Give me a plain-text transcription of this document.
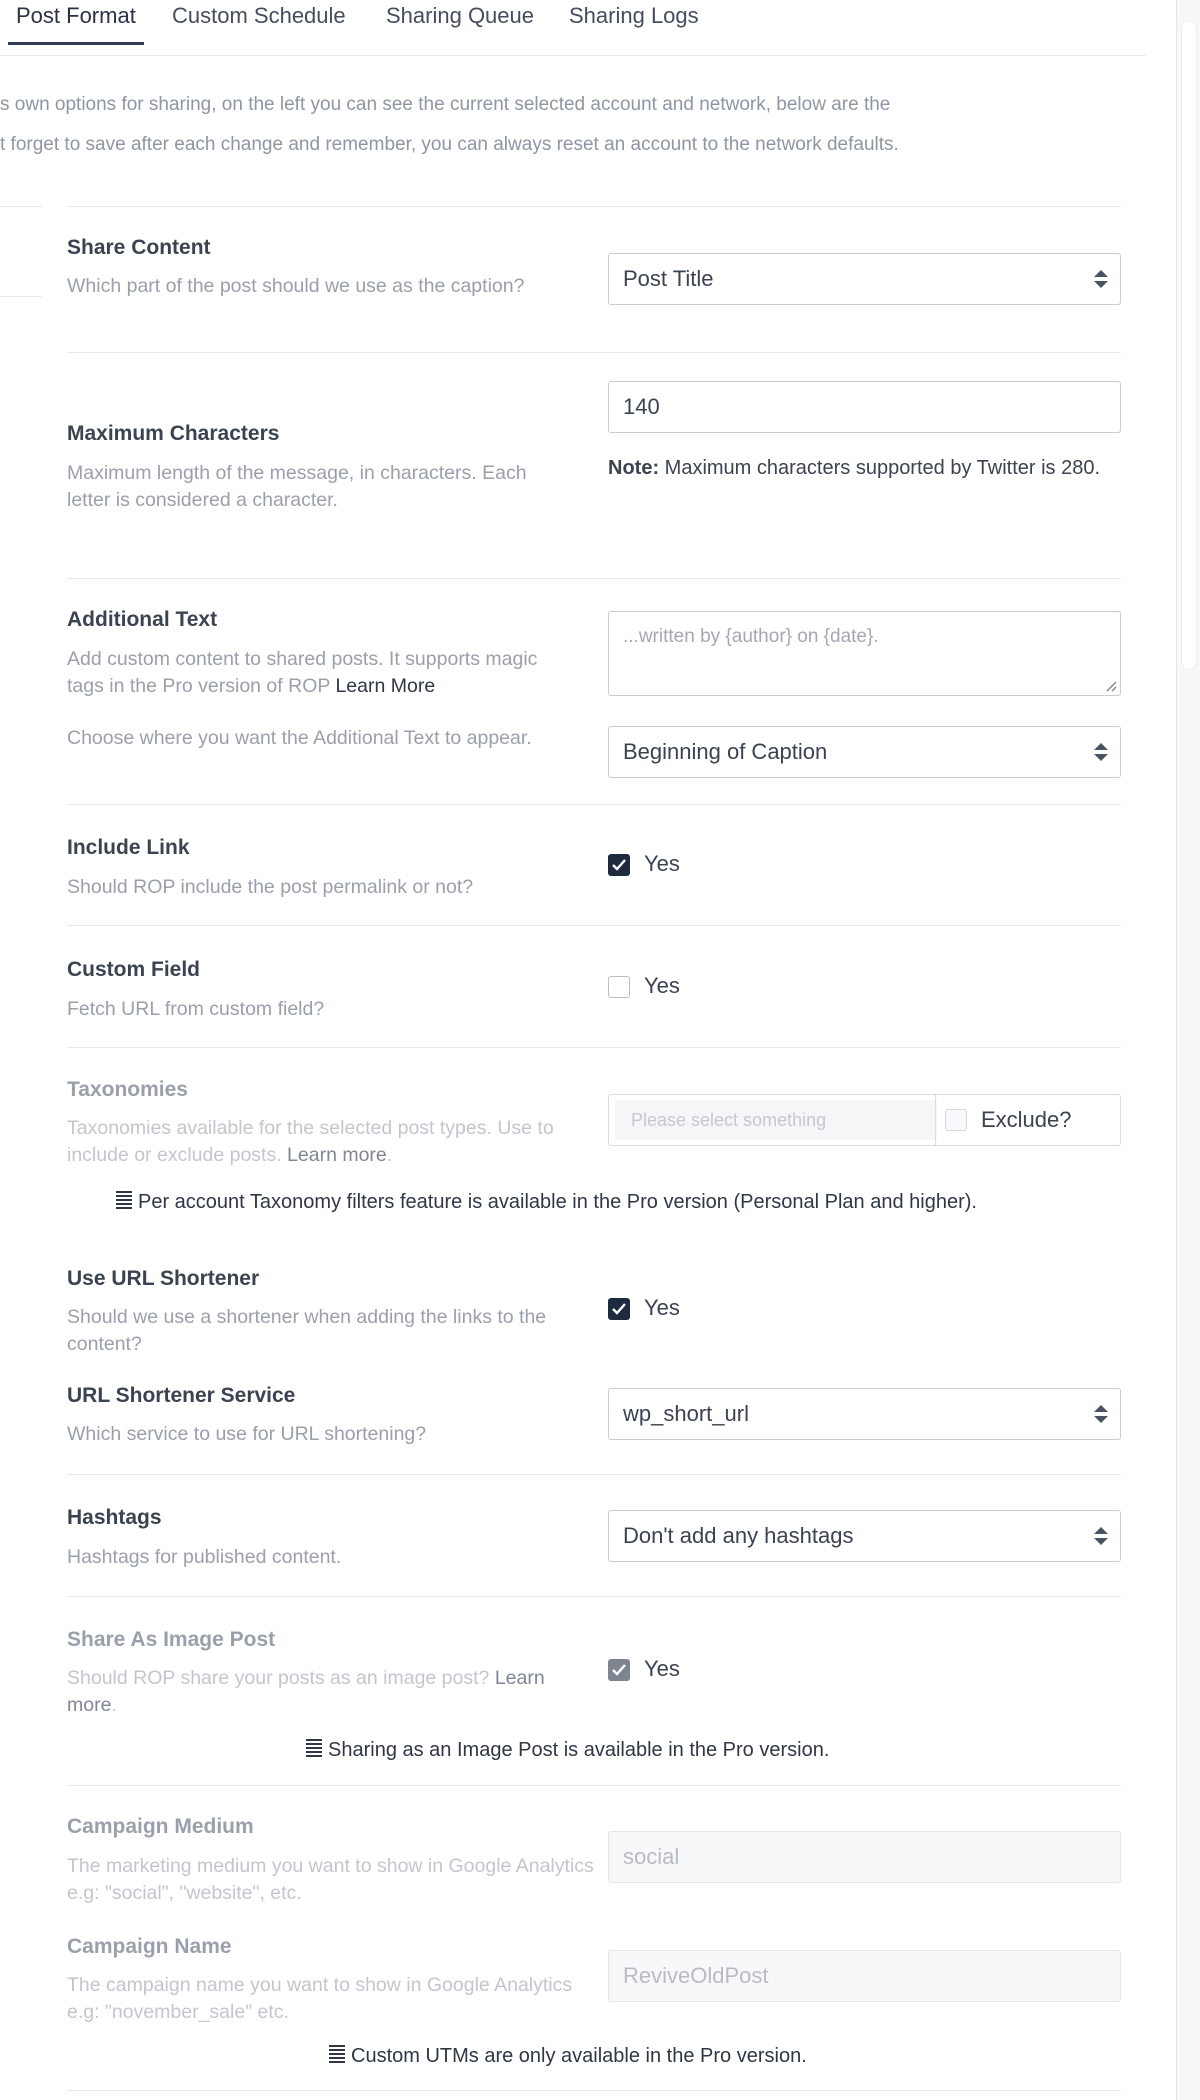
Post Format	Custom Schedule Sharing Queue Sharing Logs
s own options for sharing, on the left you can see the current selected account and network, below are the
t forget to save after each change and remember, you can always reset an account to the network defaults.
Share Content
Which part of the post should we use as the caption?	Post Title
Maximum Characters
Maximum length of the message, in characters. Each letter is considered a character.
140
Note: Maximum characters supported by Twitter is 280.
Additional Text
Add custom content to shared posts. It supports magic tags in the Pro version of ROP Learn More
...written by {author} on {date}.
Choose where you want the Additional Text to appear.
Beginning of Caption
Include Link
Should ROP include the post permalink or not?
Yes
Custom Field
Fetch URL from custom field?
Yes
Taxonomies
Taxonomies available for the selected post types. Use to include or exclude posts. Learn more.
Please select something	Exclude?
Per account Taxonomy filters feature is available in the Pro version (Personal Plan and higher).
Use URL Shortener
Should we use a shortener when adding the links to the content?
Yes
URL Shortener Service
Which service to use for URL shortening?
wp_short_url
Hashtags
Hashtags for published content.
Don't add any hashtags
Share As Image Post
Should ROP share your posts as an image post? Learn more.
Yes
Sharing as an Image Post is available in the Pro version.
Campaign Medium
The marketing medium you want to show in Google Analytics e.g: "social", "website", etc.
social
Campaign Name
The campaign name you want to show in Google Analytics e.g: "november_sale" etc.
ReviveOldPost
Custom UTMs are only available in the Pro version.
